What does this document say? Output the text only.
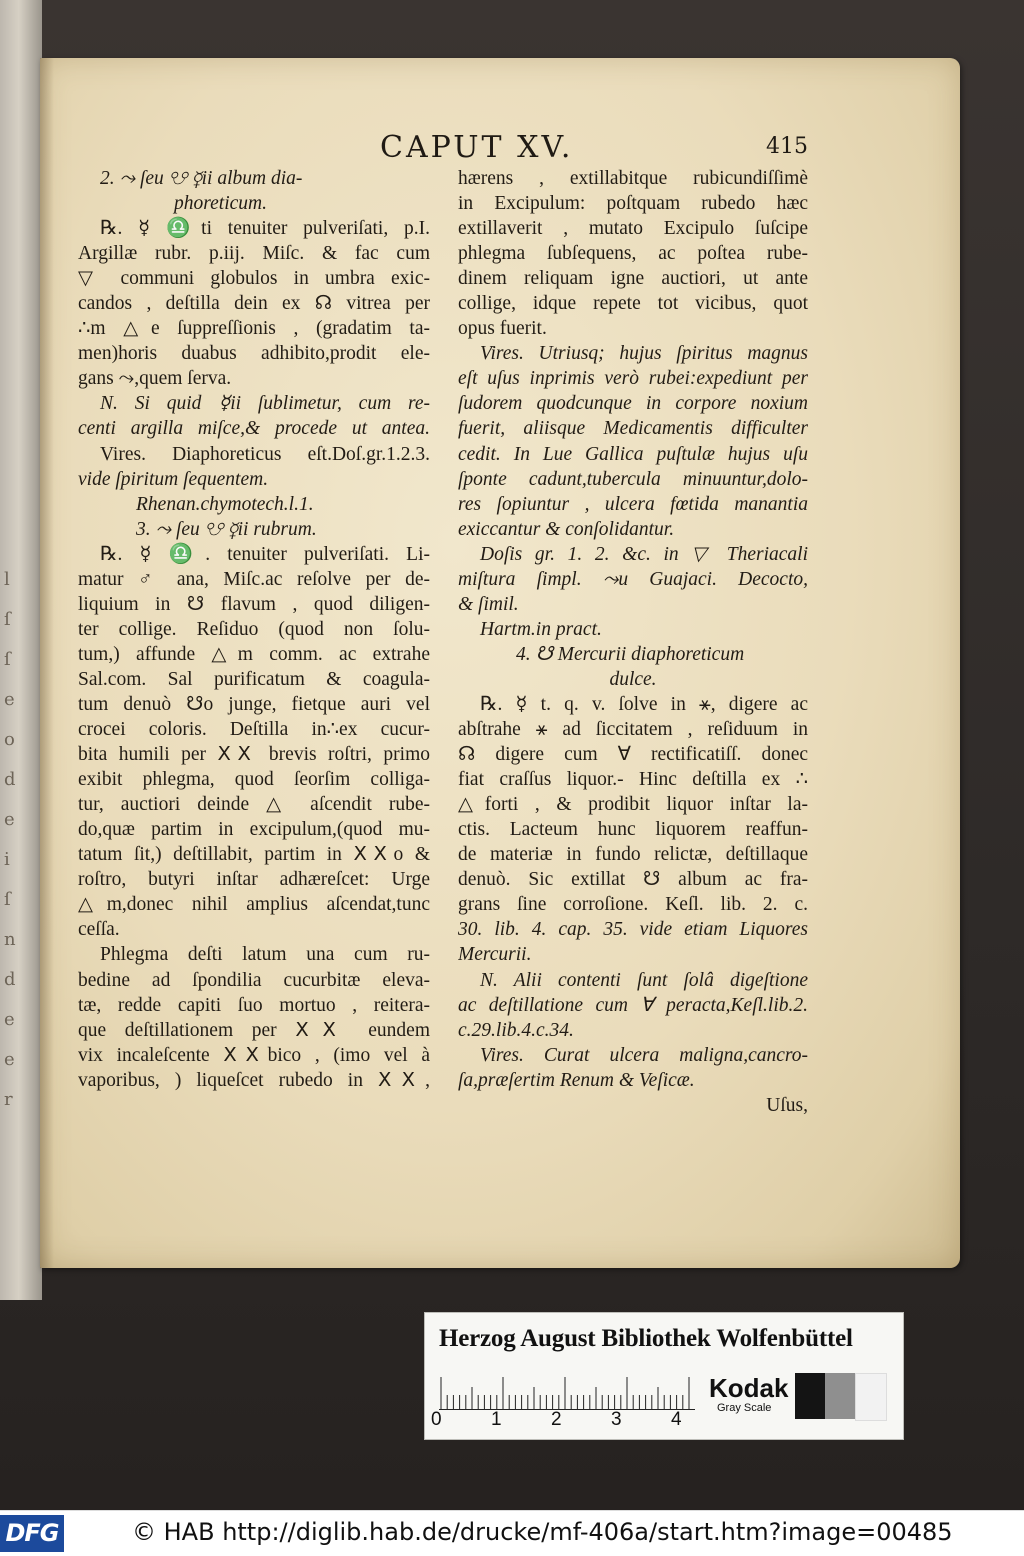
l
ſ
ſ
e
o
d
e
i
ſ
n
d
e
e
r
CAPUT XV.	415
2. ⤳ ſeu ☋ ☿ii album dia-
phoreticum.
℞. ☿ ♎ti tenuiter pulveriſati, p.I.
Argillæ rubr. p.iij. Miſc. & fac cum
▽ communi globulos in umbra exic-
candos , deſtilla dein ex ☊ vitrea per
∴m △e ſuppreſſionis , (gradatim ta-
men)horis duabus adhibito,prodit ele-
gans ⤳,quem ſerva.
N. Si quid ☿ii ſublimetur, cum re-
centi argilla miſce,& procede ut antea.
Vires. Diaphoreticus eſt.Doſ.gr.1.2.3.
vide ſpiritum ſequentem.
Rhenan.chymotech.l.1.
3. ⤳ ſeu ☋ ☿ii rubrum.
℞. ☿ ♎. tenuiter pulveriſati. Li-
matur ♂ ana, Miſc.ac reſolve per de-
liquium in ☋ flavum , quod diligen-
ter collige. Reſiduo (quod non ſolu-
tum,) affunde △m comm. ac extrahe
Sal.com. Sal purificatum & coagula-
tum denuò ☋o junge, fietque auri vel
crocei coloris. Deſtilla in∴ex cucur-
bita humili per ⅩⅩ brevis roſtri, primo
exibit phlegma, quod ſeorſim colliga-
tur, auctiori deinde △ aſcendit rube-
do,quæ partim in excipulum,(quod mu-
tatum ſit,) deſtillabit, partim in ⅩⅩo &
roſtro, butyri inſtar adhæreſcet: Urge
△m,donec nihil amplius aſcendat,tunc
ceſſa.
Phlegma deſti latum una cum ru-
bedine ad ſpondilia cucurbitæ eleva-
tæ, redde capiti ſuo mortuo , reitera-
que deſtillationem per ⅩⅩ eundem
vix incaleſcente ⅩⅩbico , (imo vel à
vaporibus, ) liqueſcet rubedo in ⅩⅩ,
hærens , extillabitque rubicundiſſimè
in Excipulum: poſtquam rubedo hæc
extillaverit , mutato Excipulo ſuſcipe
phlegma ſubſequens, ac poſtea rube-
dinem reliquam igne auctiori, ut ante
collige, idque repete tot vicibus, quot
opus fuerit.
Vires. Utriusq; hujus ſpiritus magnus
eſt uſus inprimis verò rubei:expediunt per
ſudorem quodcunque in corpore noxium
fuerit, aliisque Medicamentis difficulter
cedit. In Lue Gallica puſtulæ hujus uſu
ſponte cadunt,tubercula minuuntur,dolo-
res ſopiuntur , ulcera fœtida manantia
exiccantur & conſolidantur.
Doſis gr. 1. 2. &c. in ▽ Theriacali
miſtura ſimpl. ⤳u Guajaci. Decocto,
& ſimil.
Hartm.in pract.
4. ☋ Mercurii diaphoreticum
dulce.
℞. ☿ t. q. v. ſolve in ⚹, digere ac
abſtrahe ⚹ ad ſiccitatem , reſiduum in
☊ digere cum ∀ rectificatiſſ. donec
fiat craſſus liquor.- Hinc deſtilla ex ∴
△forti , & prodibit liquor inſtar la-
ctis. Lacteum hunc liquorem reaffun-
de materiæ in fundo relictæ, deſtillaque
denuò. Sic extillat ☋ album ac fra-
grans ſine corroſione. Keſl. lib. 2. c.
30. lib. 4. cap. 35. vide etiam Liquores
Mercurii.
N. Alii contenti ſunt ſolâ digeſtione
ac deſtillatione cum ∀ peracta,Keſl.lib.2.
c.29.lib.4.c.34.
Vires. Curat ulcera maligna,cancro-
ſa,præſertim Renum & Veſicæ.
Uſus,
Herzog August Bibliothek Wolfenbüttel
0	1	2	3	4
Kodak
Gray Scale
DFG	© HAB http://diglib.hab.de/drucke/mf-406a/start.htm?image=00485
